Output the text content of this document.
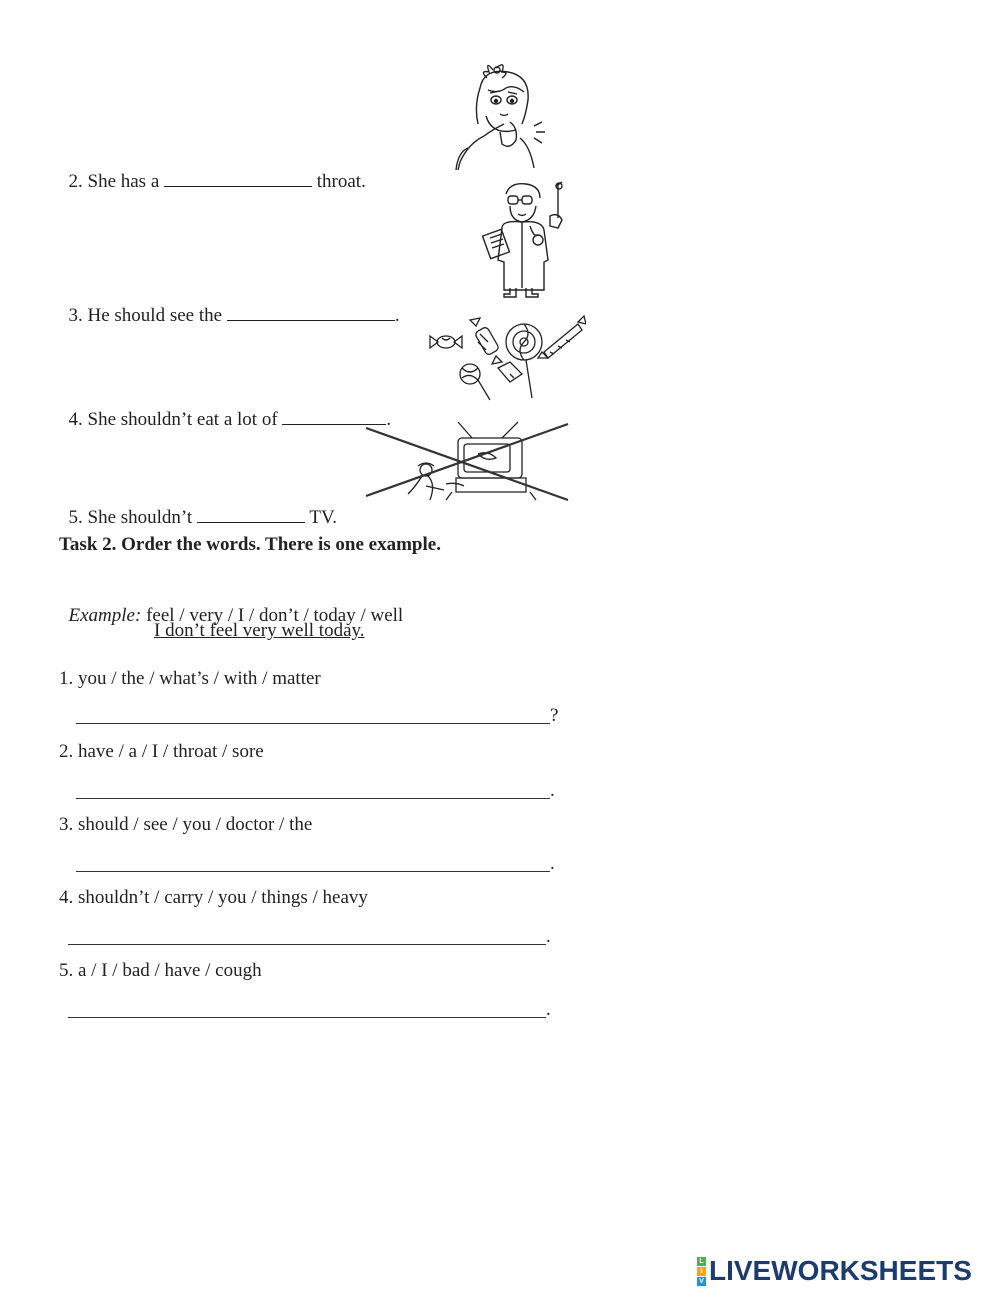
2. She has a	throat.

3. He should see the	.

4. She shouldn’t eat a lot of	.

5. She shouldn’t	TV.

Task 2. Order the words. There is one example.

Example: feel / very / I / don’t / today / well

I don’t feel very well today.
1. you / the / what’s / with / matter
?
2. have / a / I / throat / sore
.
3. should / see / you / doctor / the
.
4. shouldn’t / carry / you / things / heavy
.
5. a / I / bad / have / cough
.
L
I
V LIVEWORKSHEETS
